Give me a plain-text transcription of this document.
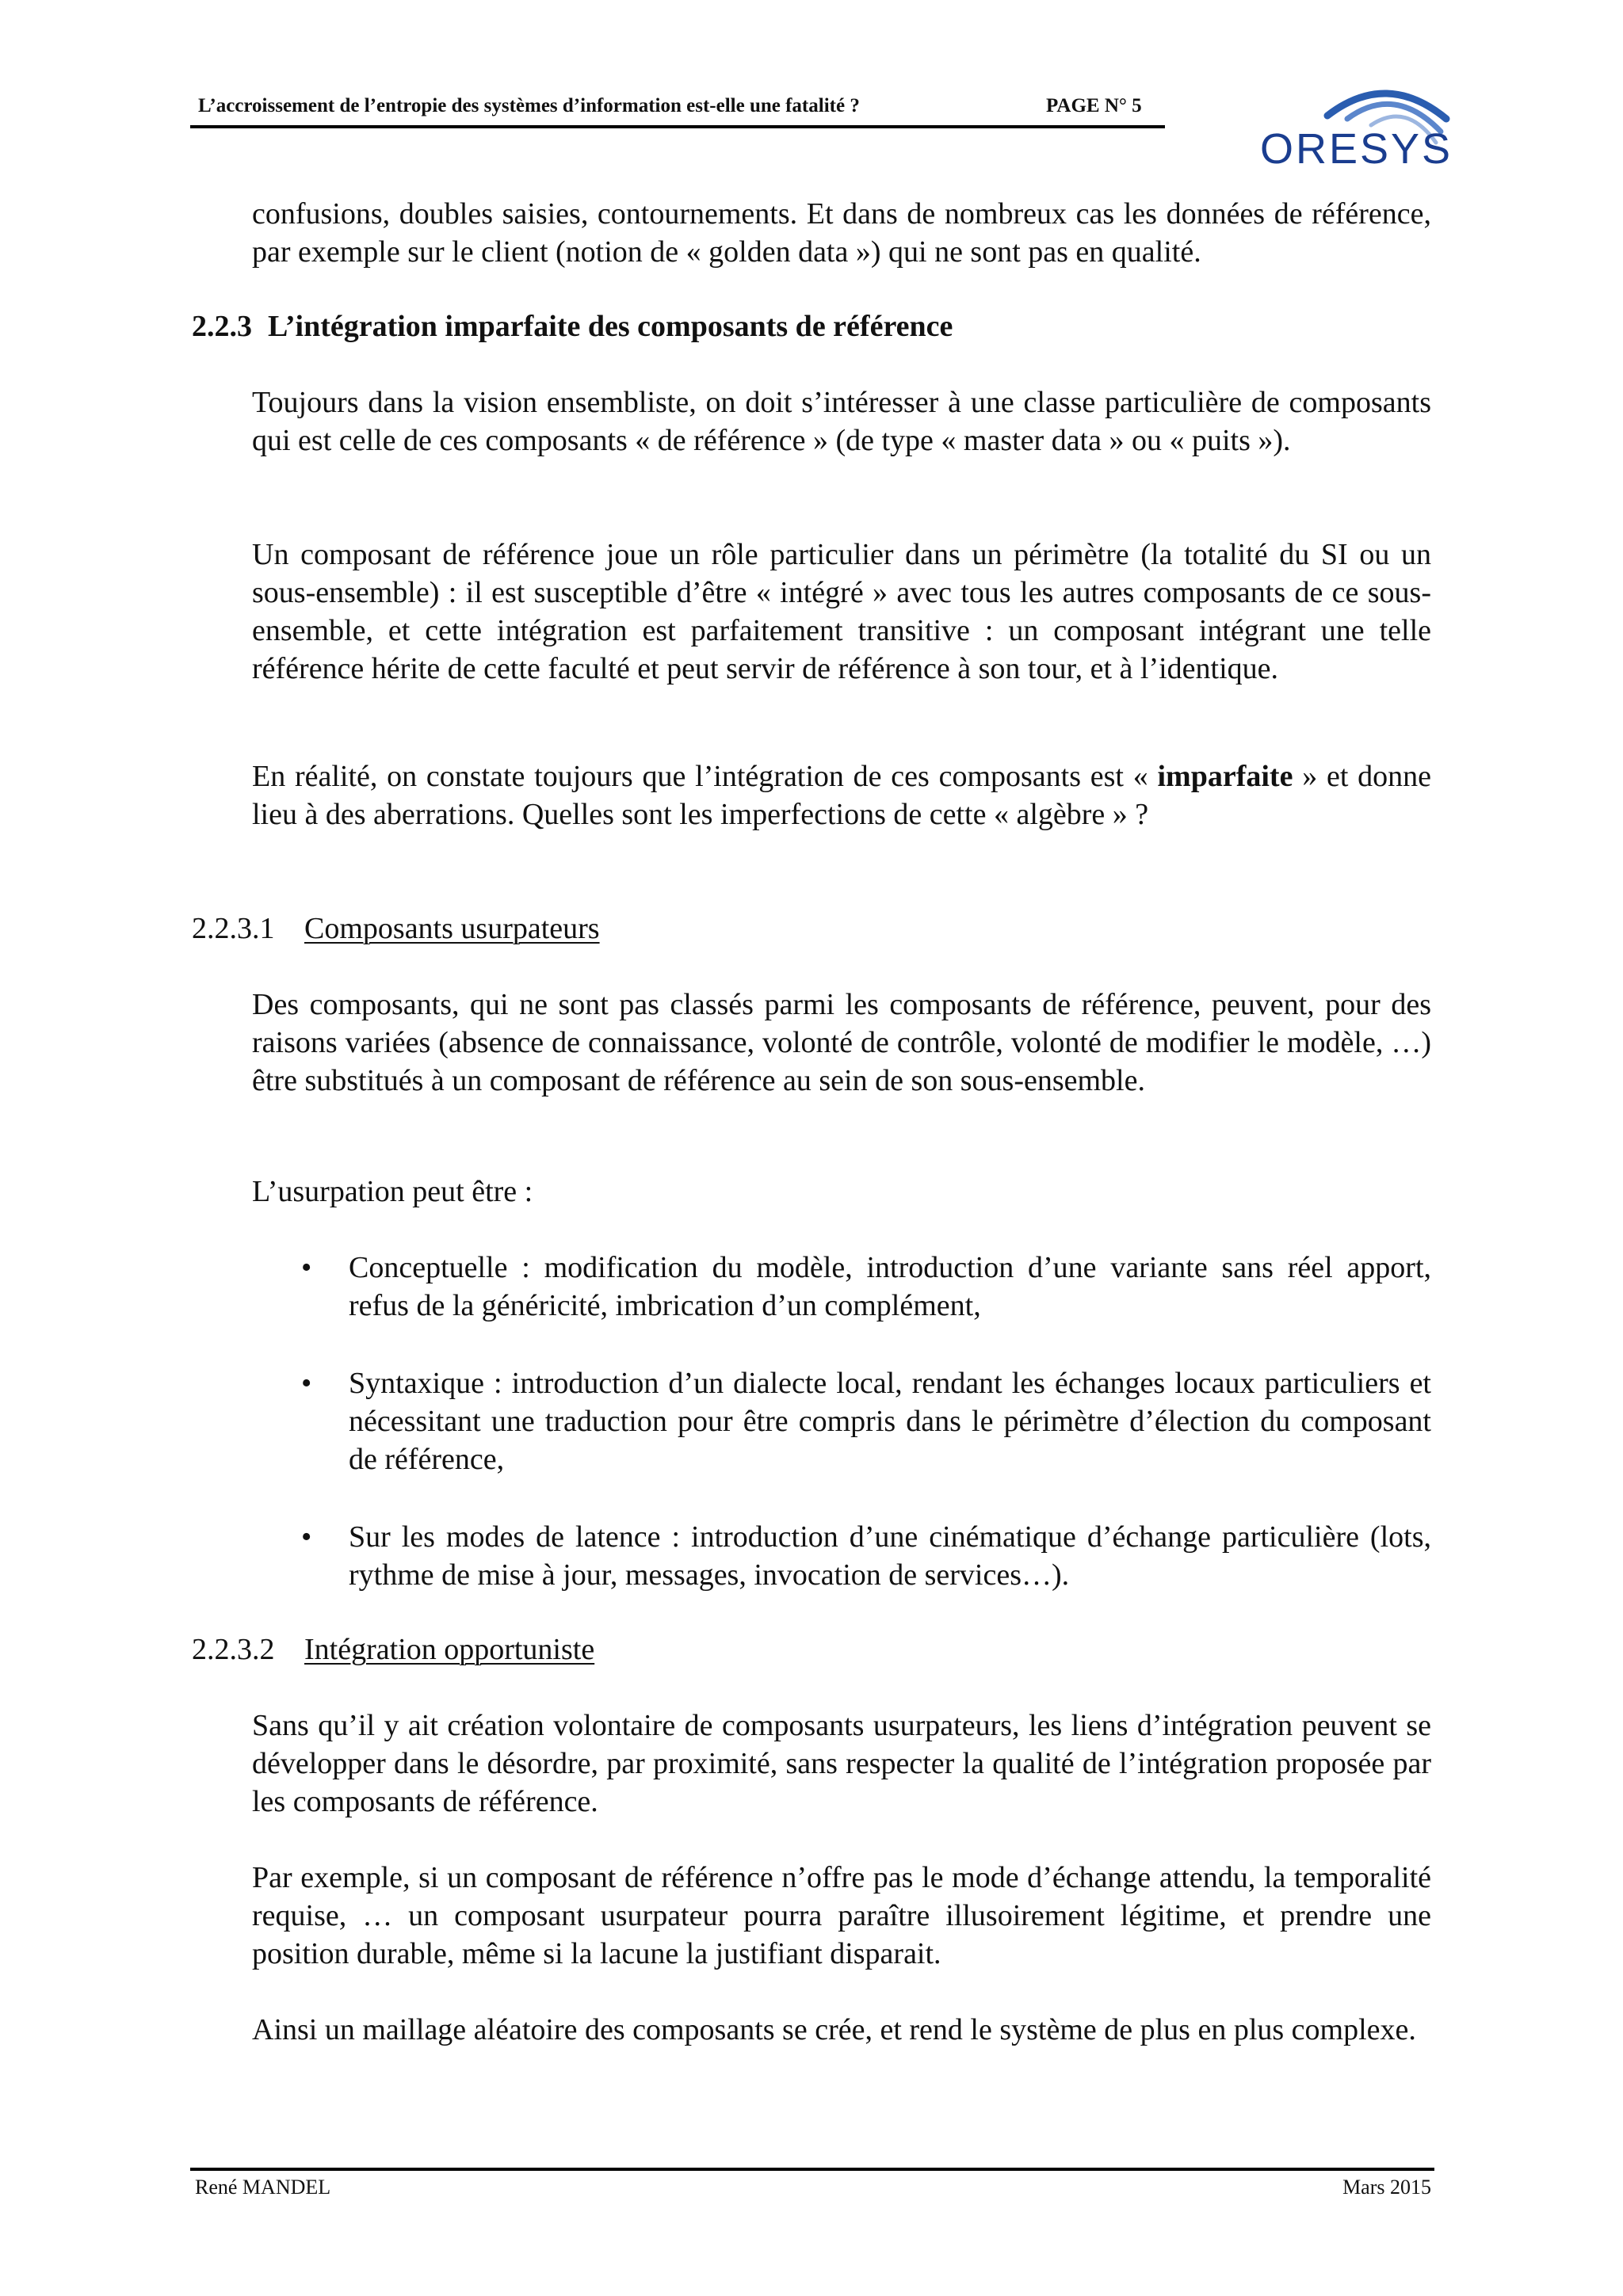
L’accroissement de l’entropie des systèmes d’information est-elle une fatalité ?	PAGE N° 5
ORESYS
confusions, doubles saisies, contournements. Et dans de nombreux cas les données de référence, par exemple sur le client (notion de « golden data ») qui ne sont pas en qualité.
2.2.3 L’intégration imparfaite des composants de référence
Toujours dans la vision ensembliste, on doit s’intéresser à une classe particulière de composants qui est celle de ces composants « de référence » (de type « master data » ou « puits »).
Un composant de référence joue un rôle particulier dans un périmètre (la totalité du SI ou un sous-ensemble) : il est susceptible d’être « intégré » avec tous les autres composants de ce sous-ensemble, et cette intégration est parfaitement transitive : un composant intégrant une telle référence hérite de cette faculté et peut servir de référence à son tour, et à l’identique.
En réalité, on constate toujours que l’intégration de ces composants est « imparfaite » et donne lieu à des aberrations. Quelles sont les imperfections de cette « algèbre » ?
2.2.3.1 Composants usurpateurs
Des composants, qui ne sont pas classés parmi les composants de référence, peuvent, pour des raisons variées (absence de connaissance, volonté de contrôle, volonté de modifier le modèle, …) être substitués à un composant de référence au sein de son sous-ensemble.
L’usurpation peut être :
•	Conceptuelle : modification du modèle, introduction d’une variante sans réel apport, refus de la généricité, imbrication d’un complément,
•	Syntaxique : introduction d’un dialecte local, rendant les échanges locaux particuliers et nécessitant une traduction pour être compris dans le périmètre d’élection du composant de référence,
•	Sur les modes de latence : introduction d’une cinématique d’échange particulière (lots, rythme de mise à jour, messages, invocation de services…).
2.2.3.2 Intégration opportuniste
Sans qu’il y ait création volontaire de composants usurpateurs, les liens d’intégration peuvent se développer dans le désordre, par proximité, sans respecter la qualité de l’intégration proposée par les composants de référence.
Par exemple, si un composant de référence n’offre pas le mode d’échange attendu, la temporalité requise, … un composant usurpateur pourra paraître illusoirement légitime, et prendre une position durable, même si la lacune la justifiant disparait.
Ainsi un maillage aléatoire des composants se crée, et rend le système de plus en plus complexe.
René MANDEL	Mars 2015
